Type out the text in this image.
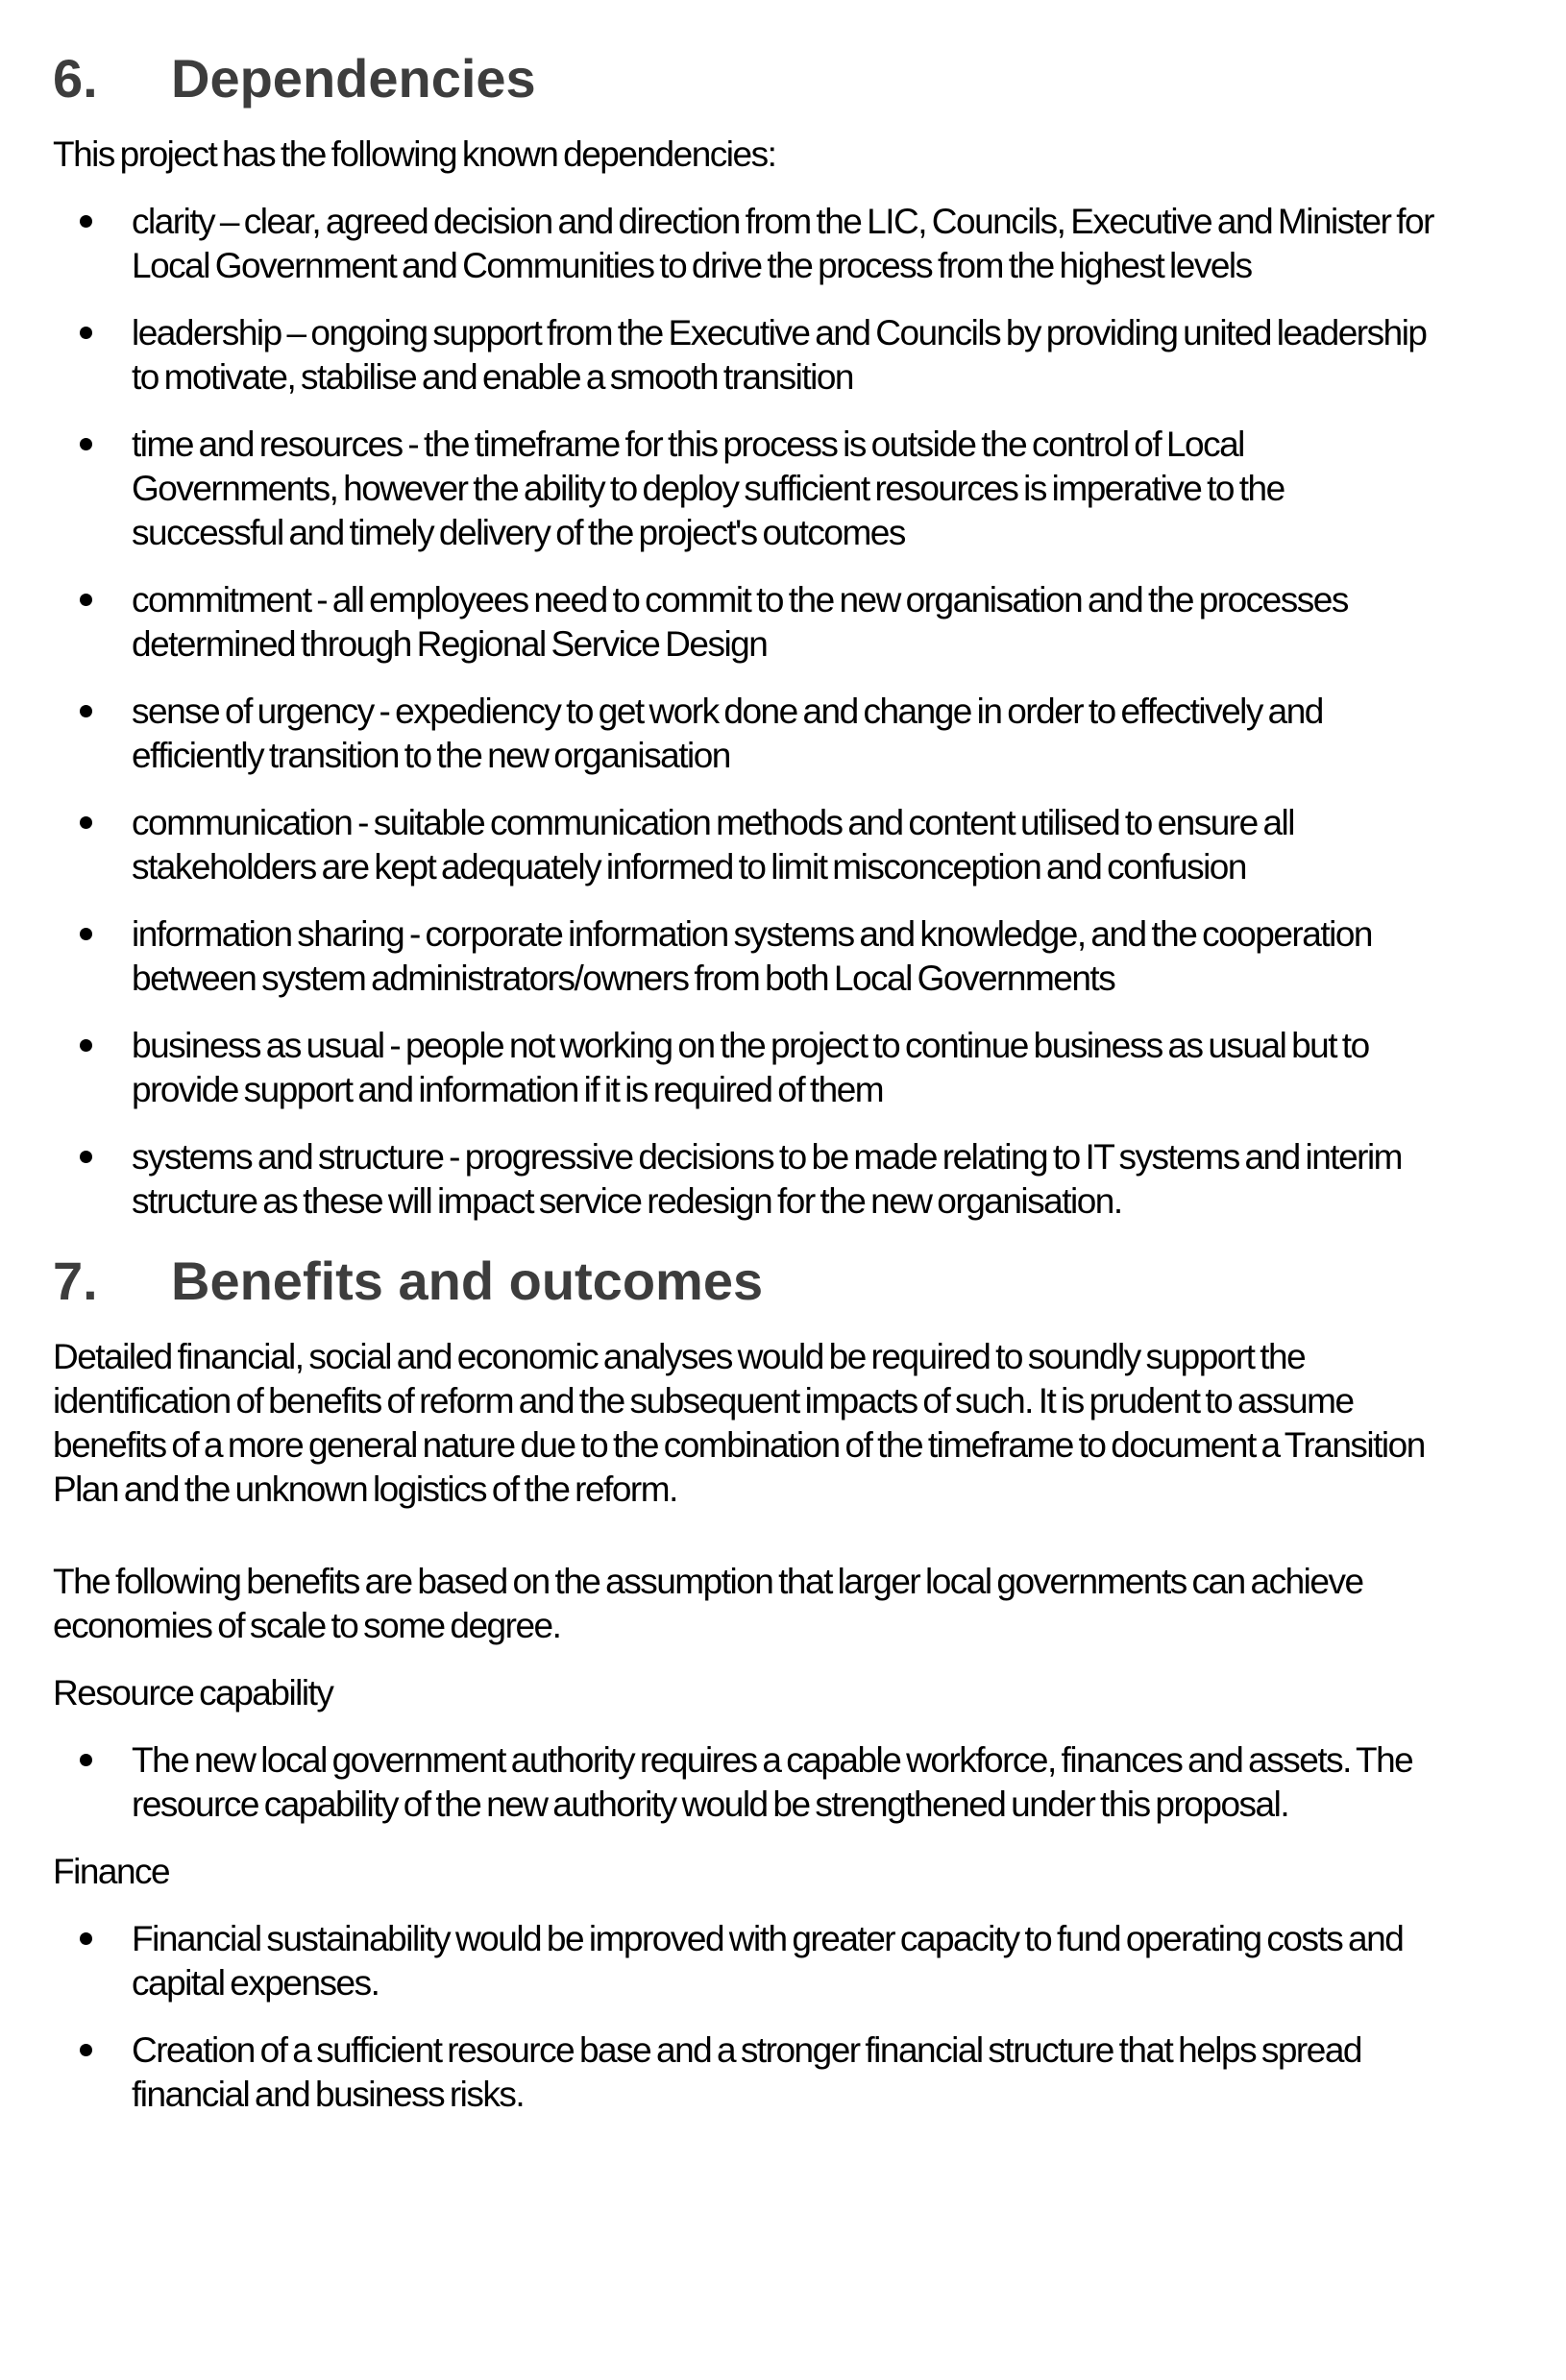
6. Dependencies

This project has the following known dependencies:

clarity – clear, agreed decision and direction from the LIC, Councils, Executive and Minister for Local Government and Communities to drive the process from the highest levels
leadership – ongoing support from the Executive and Councils by providing united leadership to motivate, stabilise and enable a smooth transition
time and resources - the timeframe for this process is outside the control of Local Governments, however the ability to deploy sufficient resources is imperative to the successful and timely delivery of the project's outcomes
commitment - all employees need to commit to the new organisation and the processes determined through Regional Service Design
sense of urgency - expediency to get work done and change in order to effectively and efficiently transition to the new organisation
communication - suitable communication methods and content utilised to ensure all stakeholders are kept adequately informed to limit misconception and confusion
information sharing - corporate information systems and knowledge, and the cooperation between system administrators/owners from both Local Governments
business as usual - people not working on the project to continue business as usual but to provide support and information if it is required of them
systems and structure - progressive decisions to be made relating to IT systems and interim structure as these will impact service redesign for the new organisation.
7. Benefits and outcomes

Detailed financial, social and economic analyses would be required to soundly support the identification of benefits of reform and the subsequent impacts of such. It is prudent to assume benefits of a more general nature due to the combination of the timeframe to document a Transition Plan and the unknown logistics of the reform.

The following benefits are based on the assumption that larger local governments can achieve economies of scale to some degree.

Resource capability

The new local government authority requires a capable workforce, finances and assets. The resource capability of the new authority would be strengthened under this proposal.

Finance

Financial sustainability would be improved with greater capacity to fund operating costs and capital expenses.
Creation of a sufficient resource base and a stronger financial structure that helps spread financial and business risks.
